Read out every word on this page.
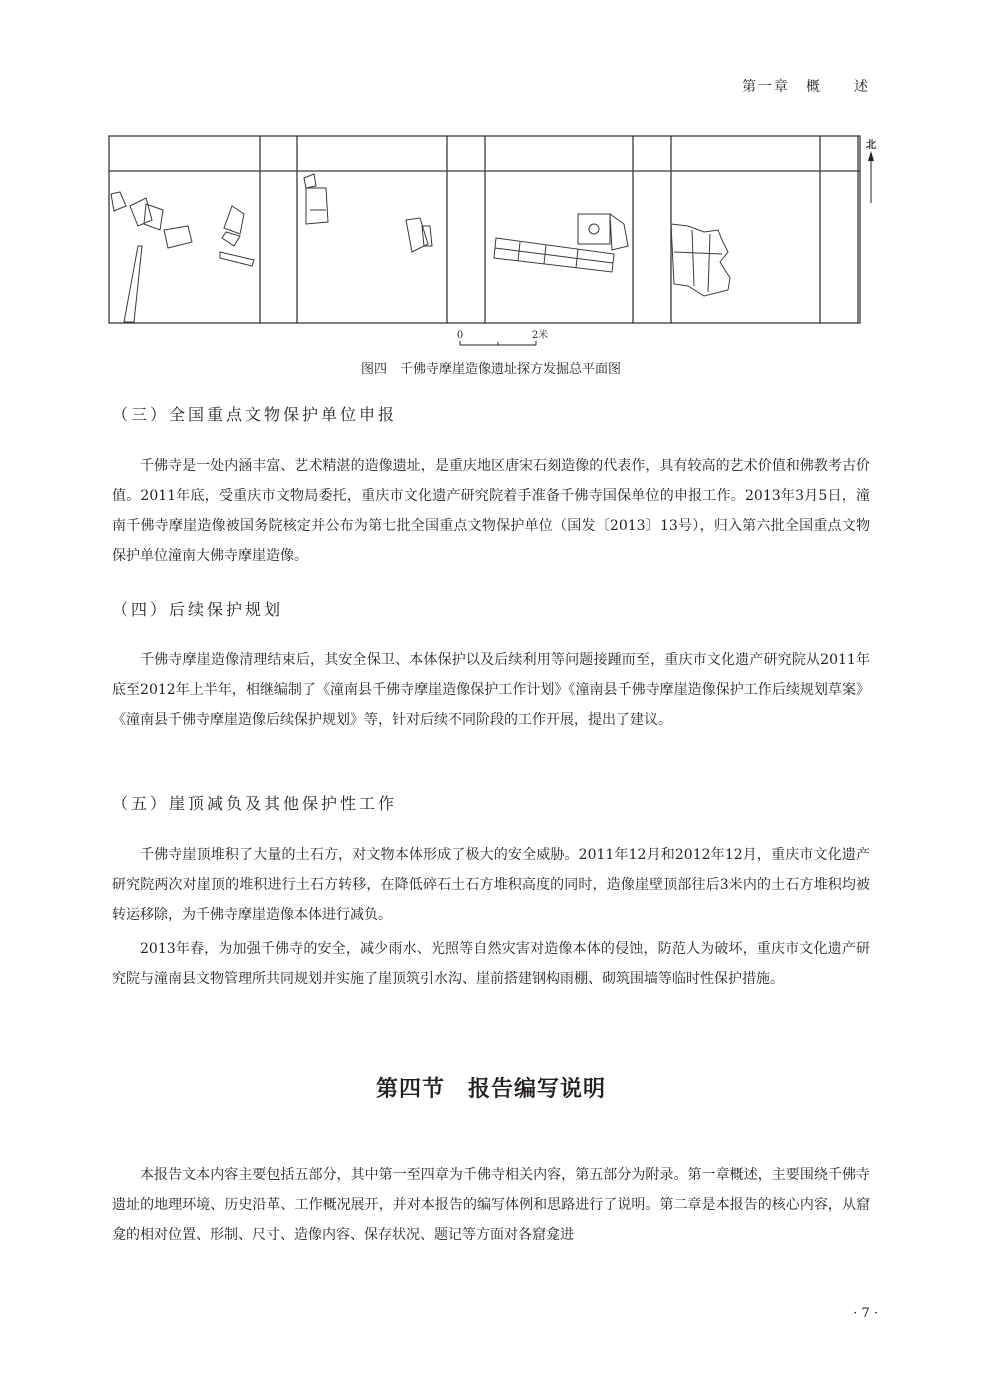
第一章　概　　述
北
0	2米
图四　千佛寺摩崖造像遗址探方发掘总平面图
（三）全国重点文物保护单位申报
千佛寺是一处内涵丰富、艺术精湛的造像遗址，是重庆地区唐宋石刻造像的代表作，具有较高的艺术价值和佛教考古价值。2011年底，受重庆市文物局委托，重庆市文化遗产研究院着手准备千佛寺国保单位的申报工作。2013年3月5日，潼南千佛寺摩崖造像被国务院核定并公布为第七批全国重点文物保护单位（国发〔2013〕13号），归入第六批全国重点文物保护单位潼南大佛寺摩崖造像。
（四）后续保护规划
千佛寺摩崖造像清理结束后，其安全保卫、本体保护以及后续利用等问题接踵而至，重庆市文化遗产研究院从2011年底至2012年上半年，相继编制了《潼南县千佛寺摩崖造像保护工作计划》《潼南县千佛寺摩崖造像保护工作后续规划草案》《潼南县千佛寺摩崖造像后续保护规划》等，针对后续不同阶段的工作开展，提出了建议。
（五）崖顶减负及其他保护性工作
千佛寺崖顶堆积了大量的土石方，对文物本体形成了极大的安全威胁。2011年12月和2012年12月，重庆市文化遗产研究院两次对崖顶的堆积进行土石方转移，在降低碎石土石方堆积高度的同时，造像崖壁顶部往后3米内的土石方堆积均被转运移除，为千佛寺摩崖造像本体进行减负。
2013年春，为加强千佛寺的安全，减少雨水、光照等自然灾害对造像本体的侵蚀，防范人为破坏，重庆市文化遗产研究院与潼南县文物管理所共同规划并实施了崖顶筑引水沟、崖前搭建钢构雨棚、砌筑围墙等临时性保护措施。
第四节　报告编写说明
本报告文本内容主要包括五部分，其中第一至四章为千佛寺相关内容，第五部分为附录。第一章概述，主要围绕千佛寺遗址的地理环境、历史沿革、工作概况展开，并对本报告的编写体例和思路进行了说明。第二章是本报告的核心内容，从窟龛的相对位置、形制、尺寸、造像内容、保存状况、题记等方面对各窟龛进
· 7 ·
